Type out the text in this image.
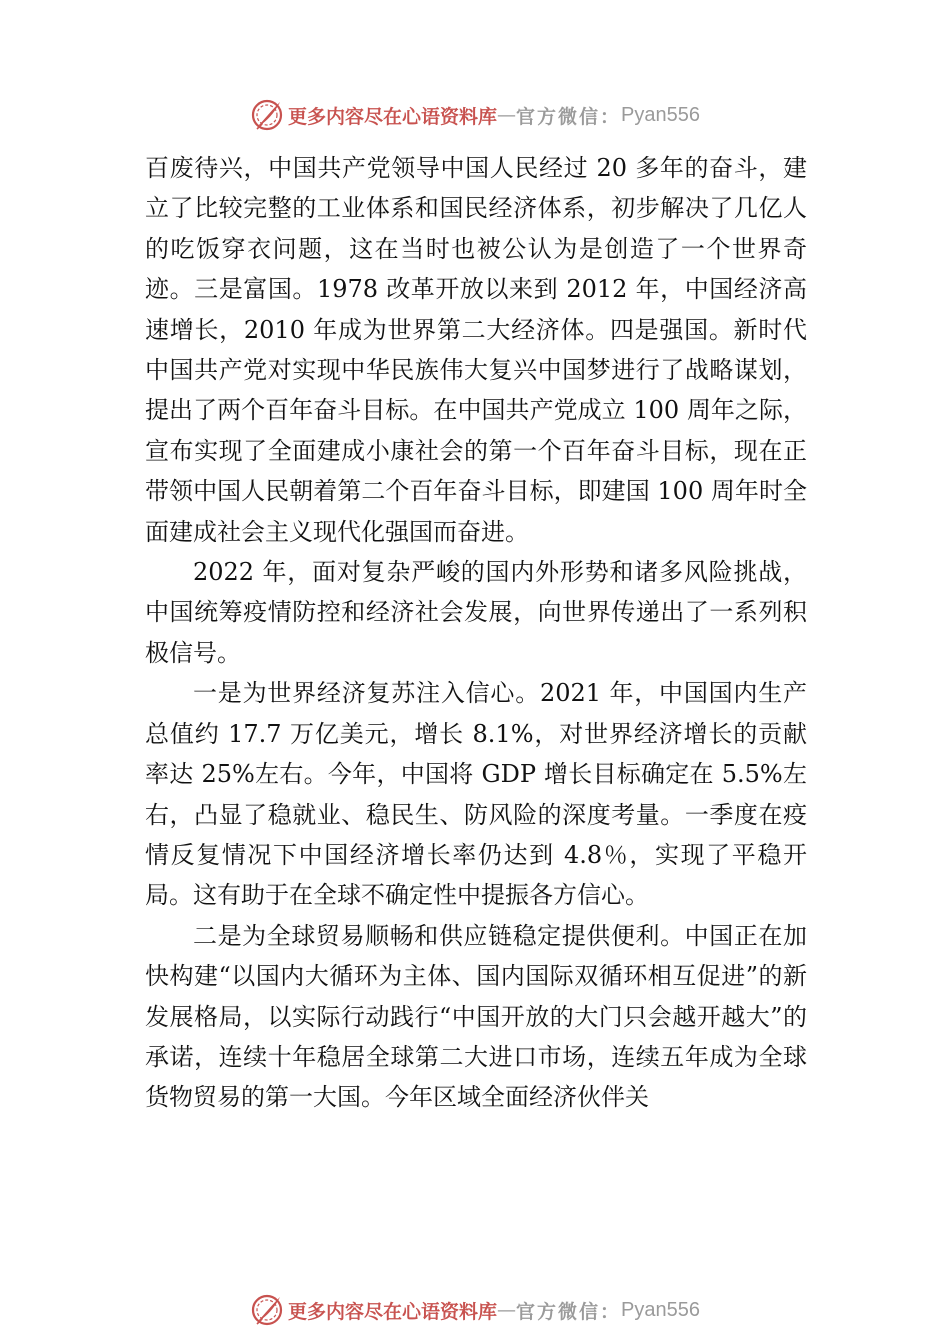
更多内容尽在心语资料库 — 官方微信： Pyan556

百废待兴，中国共产党领导中国人民经过 20 多年的奋斗，建立了比较完整的工业体系和国民经济体系，初步解决了几亿人的吃饭穿衣问题，这在当时也被公认为是创造了一个世界奇迹。三是富国。1978 改革开放以来到 2012 年，中国经济高速增长，2010 年成为世界第二大经济体。四是强国。新时代中国共产党对实现中华民族伟大复兴中国梦进行了战略谋划，提出了两个百年奋斗目标。在中国共产党成立 100 周年之际，宣布实现了全面建成小康社会的第一个百年奋斗目标，现在正带领中国人民朝着第二个百年奋斗目标，即建国 100 周年时全面建成社会主义现代化强国而奋进。

2022 年，面对复杂严峻的国内外形势和诸多风险挑战，中国统筹疫情防控和经济社会发展，向世界传递出了一系列积极信号。

一是为世界经济复苏注入信心。2021 年，中国国内生产总值约 17.7 万亿美元，增长 8.1%，对世界经济增长的贡献率达 25%左右。今年，中国将 GDP 增长目标确定在 5.5%左右，凸显了稳就业、稳民生、防风险的深度考量。一季度在疫情反复情况下中国经济增长率仍达到 4.8％，实现了平稳开局。这有助于在全球不确定性中提振各方信心。

二是为全球贸易顺畅和供应链稳定提供便利。中国正在加快构建“以国内大循环为主体、国内国际双循环相互促进”的新发展格局，以实际行动践行“中国开放的大门只会越开越大”的承诺，连续十年稳居全球第二大进口市场，连续五年成为全球货物贸易的第一大国。今年区域全面经济伙伴关

更多内容尽在心语资料库 — 官方微信： Pyan556
